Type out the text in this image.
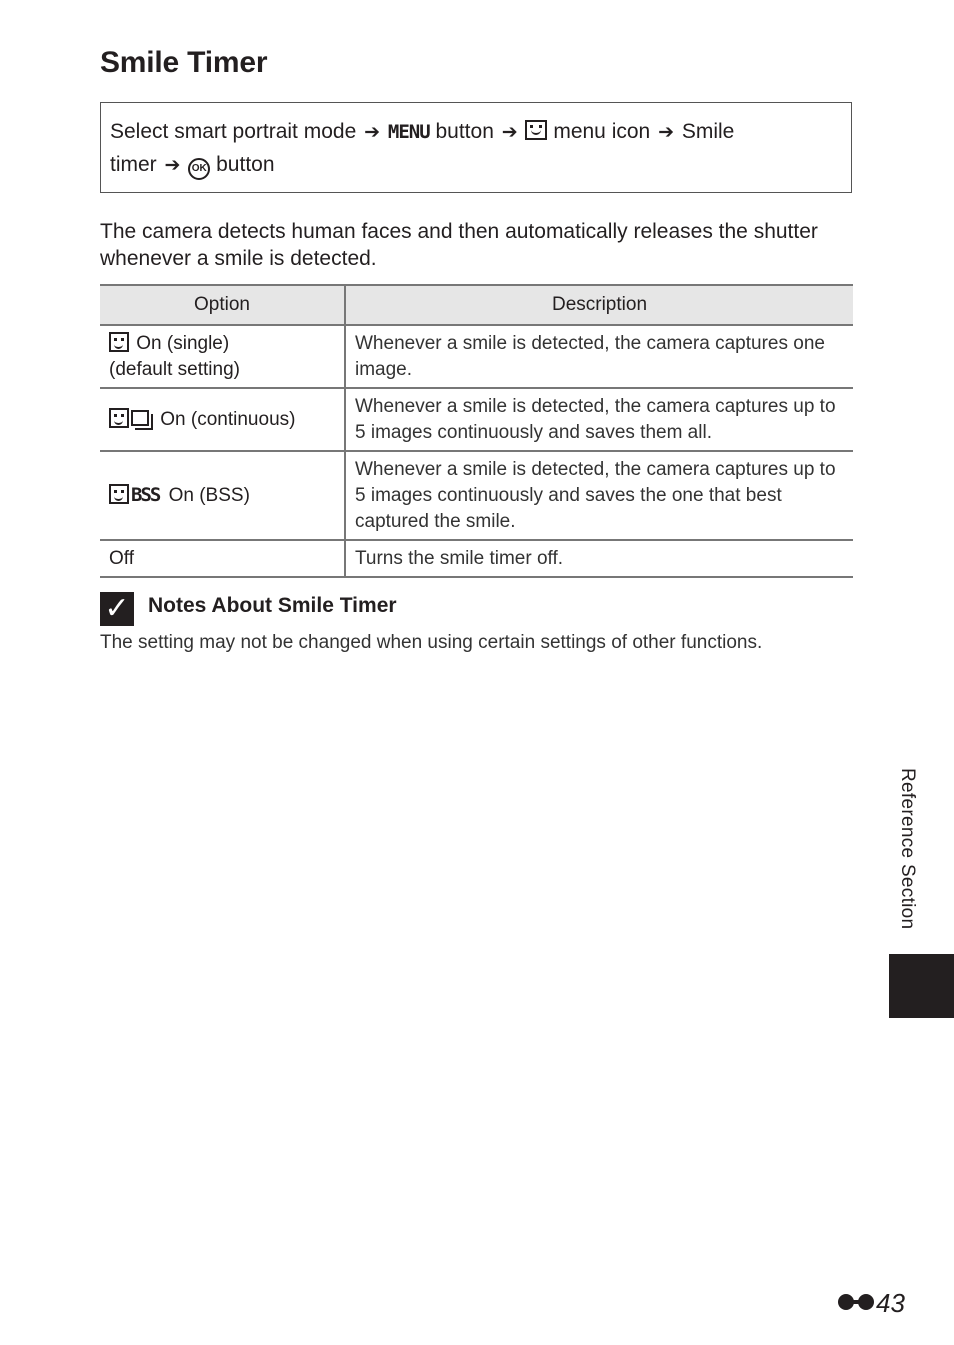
Smile Timer
Select smart portrait mode ➔ MENU button ➔ menu icon ➔ Smile
timer ➔ OK button
The camera detects human faces and then automatically releases the shutter whenever a smile is detected.
Option	Description
On (single)
(default setting)	Whenever a smile is detected, the camera captures one image.
On (continuous)	Whenever a smile is detected, the camera captures up to 5 images continuously and saves them all.
BSS On (BSS)	Whenever a smile is detected, the camera captures up to 5 images continuously and saves the one that best captured the smile.
Off	Turns the smile timer off.
✓ Notes About Smile Timer
The setting may not be changed when using certain settings of other functions.
Reference Section
43
